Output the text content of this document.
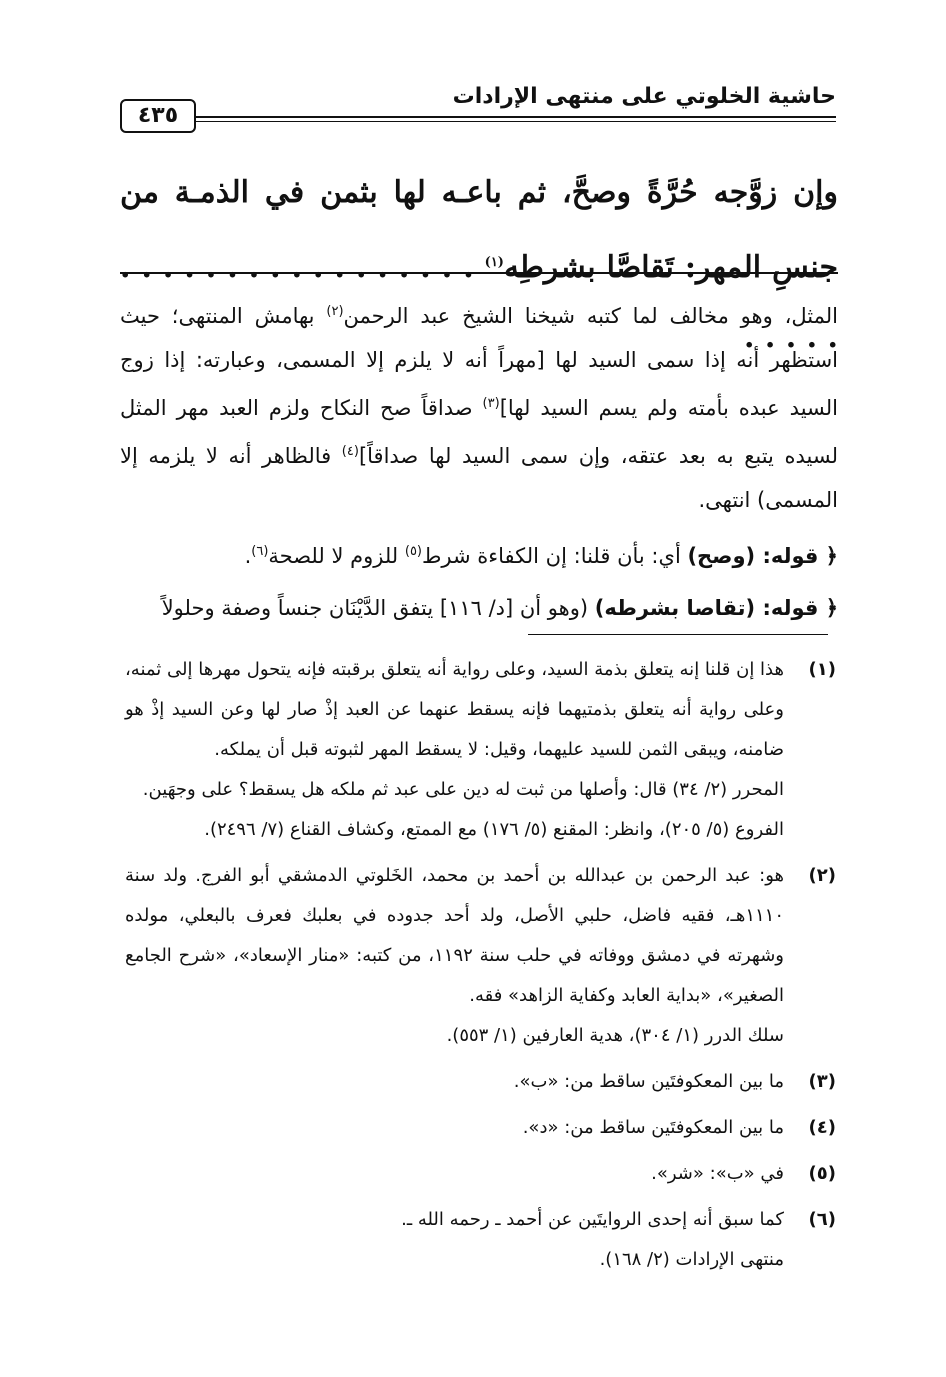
حاشية الخلوتي على منتهى الإرادات
٤٣٥
وإن زوَّجه حُرَّةً وصحَّ، ثم باعـه لها بثمن في الذمـة من جنسِ المهر: تَقاصَّا بشرطِه$^{(١)}$ . . . . . . . . . . . . . . . . . . . . . .

المثل، وهو مخالف لما كتبه شيخنا الشيخ عبد الرحمن$^{(٢)}$ بهامش المنتهى؛ حيث استظهر أنه إذا سمى السيد لها [مهراً أنه لا يلزم إلا المسمى، وعبارته: إذا زوج السيد عبده بأمته ولم يسم السيد لها]$^{(٣)}$ صداقاً صح النكاح ولزم العبد مهر المثل لسيده يتبع به بعد عتقه، وإن سمى السيد لها صداقاً]$^{(٤)}$ فالظاهر أنه لا يلزمه إلا المسمى) انتهى.

﴿ قوله: (وصح) أي: بأن قلنا: إن الكفاءة شرط$^{(٥)}$ للزوم لا للصحة$^{(٦)}$.

﴿ قوله: (تقاصا بشرطه) (وهو أن [د/ ١١٦] يتفق الدَّيْنَان جنساً وصفة وحلولاً

(١)

هذا إن قلنا إنه يتعلق بذمة السيد، وعلى رواية أنه يتعلق برقبته فإنه يتحول مهرها إلى ثمنه، وعلى رواية أنه يتعلق بذمتيهما فإنه يسقط عنهما عن العبد إذْ صار لها وعن السيد إذْ هو ضامنه، ويبقى الثمن للسيد عليهما، وقيل: لا يسقط المهر لثبوته قبل أن يملكه.

المحرر (٢/ ٣٤) قال: وأصلها من ثبت له دين على عبد ثم ملكه هل يسقط؟ على وجهَين.

الفروع (٥/ ٢٠٥)، وانظر: المقنع (٥/ ١٧٦) مع الممتع، وكشاف القناع (٧/ ٢٤٩٦).

(٢)

هو: عبد الرحمن بن عبدالله بن أحمد بن محمد، الخَلوتي الدمشقي أبو الفرج. ولد سنة ١١١٠هـ، فقيه فاضل، حلبي الأصل، ولد أحد جدوده في بعلبك فعرف بالبعلي، مولده وشهرته في دمشق ووفاته في حلب سنة ١١٩٢، من كتبه: «منار الإسعاد»، «شرح الجامع الصغير»، «بداية العابد وكفاية الزاهد» فقه.

سلك الدرر (١/ ٣٠٤)، هدية العارفين (١/ ٥٥٣).

(٣)

ما بين المعكوفتَين ساقط من: «ب».

(٤)

ما بين المعكوفتَين ساقط من: «د».

(٥)

في «ب»: «شر».

(٦)

كما سبق أنه إحدى الروايتَين عن أحمد ـ رحمه الله ـ.

منتهى الإرادات (٢/ ١٦٨).
